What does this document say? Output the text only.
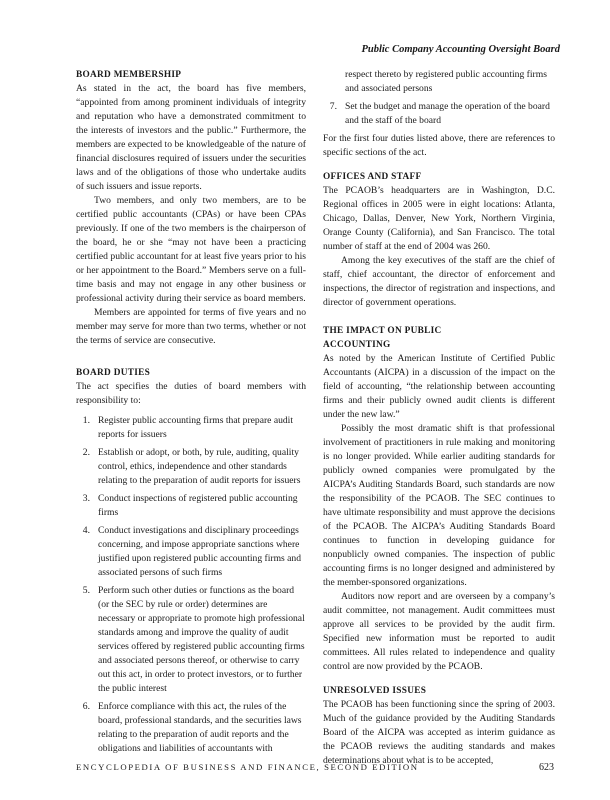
Public Company Accounting Oversight Board
BOARD MEMBERSHIP

As stated in the act, the board has five members, “appointed from among prominent individuals of integrity and reputation who have a demonstrated commitment to the interests of investors and the public.” Furthermore, the members are expected to be knowledgeable of the nature of financial disclosures required of issuers under the securities laws and of the obligations of those who undertake audits of such issuers and issue reports.

Two members, and only two members, are to be certified public accountants (CPAs) or have been CPAs previously. If one of the two members is the chairperson of the board, he or she “may not have been a practicing certified public accountant for at least five years prior to his or her appointment to the Board.” Members serve on a full-time basis and may not engage in any other business or professional activity during their service as board members.

Members are appointed for terms of five years and no member may serve for more than two terms, whether or not the terms of service are consecutive.

BOARD DUTIES

The act specifies the duties of board members with responsibility to:

1. Register public accounting firms that prepare audit reports for issuers
2. Establish or adopt, or both, by rule, auditing, quality control, ethics, independence and other standards relating to the preparation of audit reports for issuers
3. Conduct inspections of registered public accounting firms
4. Conduct investigations and disciplinary proceedings concerning, and impose appropriate sanctions where justified upon registered public accounting firms and associated persons of such firms
5. Perform such other duties or functions as the board (or the SEC by rule or order) determines are necessary or appropriate to promote high professional standards among and improve the quality of audit services offered by registered public accounting firms and associated persons thereof, or otherwise to carry out this act, in order to protect investors, or to further the public interest
6. Enforce compliance with this act, the rules of the board, professional standards, and the securities laws relating to the preparation of audit reports and the obligations and liabilities of accountants with

respect thereto by registered public accounting firms and associated persons

7. Set the budget and manage the operation of the board and the staff of the board

For the first four duties listed above, there are references to specific sections of the act.

OFFICES AND STAFF

The PCAOB’s headquarters are in Washington, D.C. Regional offices in 2005 were in eight locations: Atlanta, Chicago, Dallas, Denver, New York, Northern Virginia, Orange County (California), and San Francisco. The total number of staff at the end of 2004 was 260.

Among the key executives of the staff are the chief of staff, chief accountant, the director of enforcement and inspections, the director of registration and inspections, and director of government operations.

THE IMPACT ON PUBLIC ACCOUNTING

As noted by the American Institute of Certified Public Accountants (AICPA) in a discussion of the impact on the field of accounting, “the relationship between accounting firms and their publicly owned audit clients is different under the new law.”

Possibly the most dramatic shift is that professional involvement of practitioners in rule making and monitoring is no longer provided. While earlier auditing standards for publicly owned companies were promulgated by the AICPA’s Auditing Standards Board, such standards are now the responsibility of the PCAOB. The SEC continues to have ultimate responsibility and must approve the decisions of the PCAOB. The AICPA’s Auditing Standards Board continues to function in developing guidance for nonpublicly owned companies. The inspection of public accounting firms is no longer designed and administered by the member-sponsored organizations.

Auditors now report and are overseen by a company’s audit committee, not management. Audit committees must approve all services to be provided by the audit firm. Specified new information must be reported to audit committees. All rules related to independence and quality control are now provided by the PCAOB.

UNRESOLVED ISSUES

The PCAOB has been functioning since the spring of 2003. Much of the guidance provided by the Auditing Standards Board of the AICPA was accepted as interim guidance as the PCAOB reviews the auditing standards and makes determinations about what is to be accepted,

ENCYCLOPEDIA OF BUSINESS AND FINANCE, SECOND EDITION	623
